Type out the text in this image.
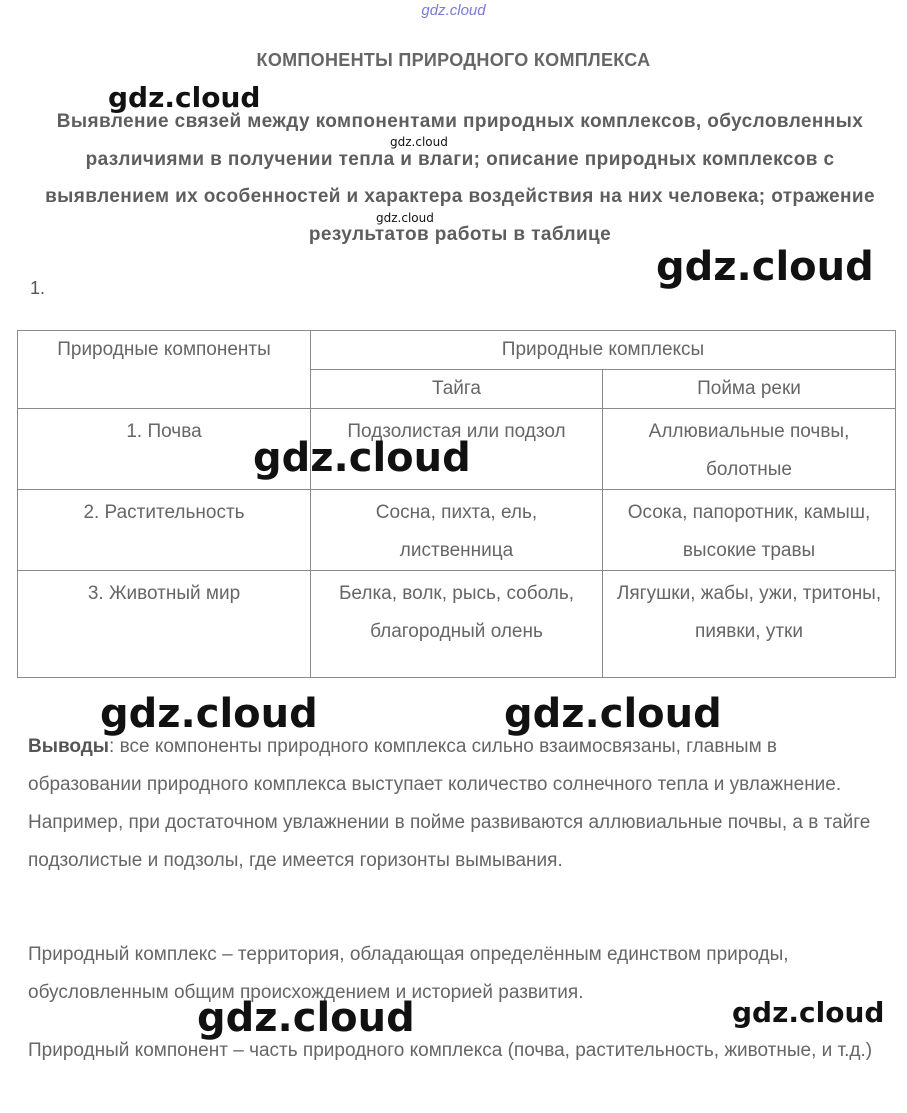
gdz.cloud
КОМПОНЕНТЫ ПРИРОДНОГО КОМПЛЕКСА
Выявление связей между компонентами природных комплексов, обусловленных различиями в получении тепла и влаги; описание природных комплексов с выявлением их особенностей и характера воздействия на них человека; отражение результатов работы в таблице
1.
Природные компоненты	Природные комплексы	
	Тайга	Пойма реки
1. Почва	Подзолистая или подзол	Аллювиальные почвы, болотные
2. Растительность	Сосна, пихта, ель, лиственница	Осока, папоротник, камыш, высокие травы
3. Животный мир	Белка, волк, рысь, соболь, благородный олень	Лягушки, жабы, ужи, тритоны, пиявки, утки
Выводы: все компоненты природного комплекса сильно взаимосвязаны, главным в образовании природного комплекса выступает количество солнечного тепла и увлажнение. Например, при достаточном увлажнении в пойме развиваются аллювиальные почвы, а в тайге подзолистые и подзолы, где имеется горизонты вымывания.
Природный комплекс – территория, обладающая определённым единством природы, обусловленным общим происхождением и историей развития.
Природный компонент – часть природного комплекса (почва, растительность, животные, и т.д.)
gdz.cloud
gdz.cloud
gdz.cloud
gdz.cloud
gdz.cloud
gdz.cloud	gdz.cloud
gdz.cloud	gdz.cloud
